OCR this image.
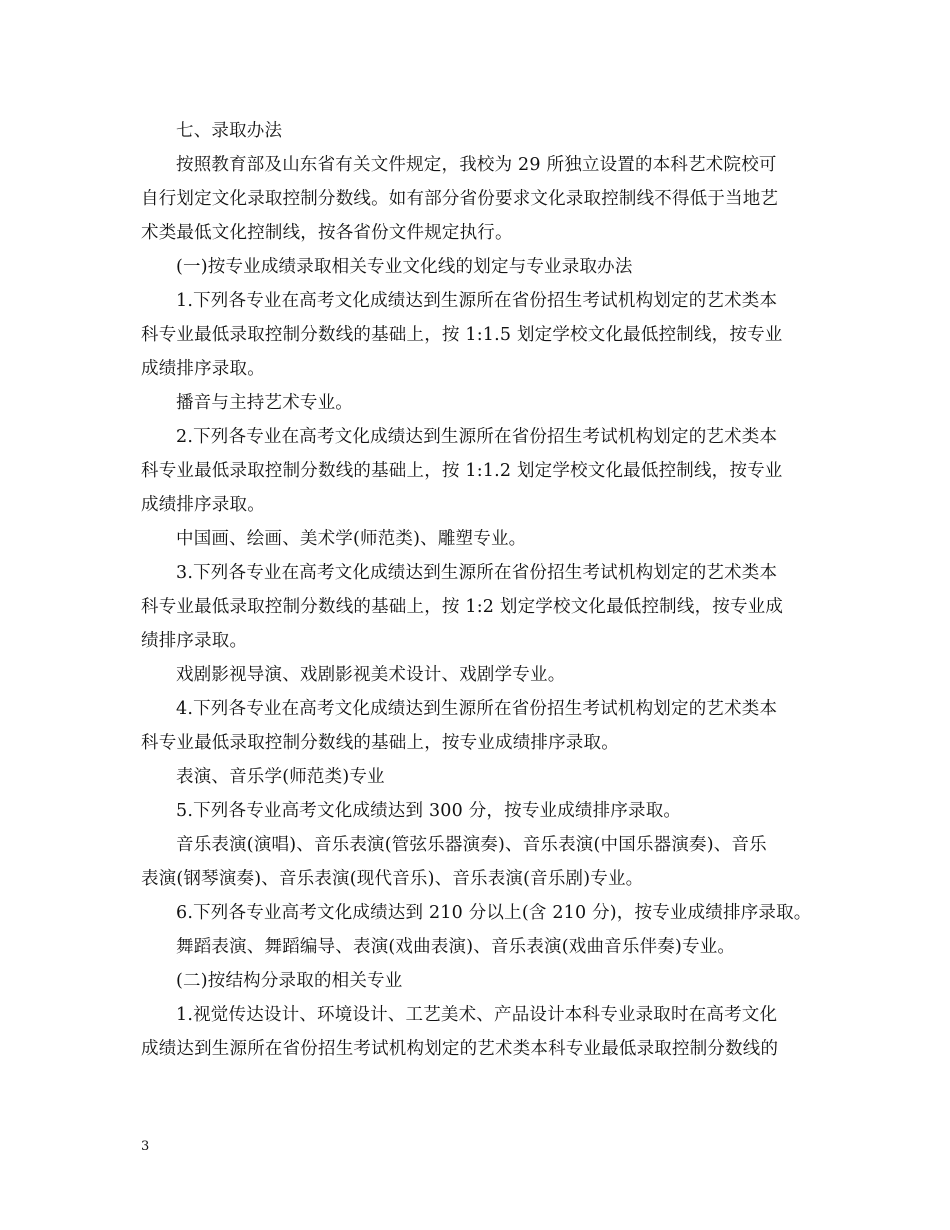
七、录取办法
按照教育部及山东省有关文件规定，我校为 29 所独立设置的本科艺术院校可
自行划定文化录取控制分数线。如有部分省份要求文化录取控制线不得低于当地艺
术类最低文化控制线，按各省份文件规定执行。
(一)按专业成绩录取相关专业文化线的划定与专业录取办法
1.下列各专业在高考文化成绩达到生源所在省份招生考试机构划定的艺术类本
科专业最低录取控制分数线的基础上，按 1:1.5 划定学校文化最低控制线，按专业
成绩排序录取。
播音与主持艺术专业。
2.下列各专业在高考文化成绩达到生源所在省份招生考试机构划定的艺术类本
科专业最低录取控制分数线的基础上，按 1:1.2 划定学校文化最低控制线，按专业
成绩排序录取。
中国画、绘画、美术学(师范类)、雕塑专业。
3.下列各专业在高考文化成绩达到生源所在省份招生考试机构划定的艺术类本
科专业最低录取控制分数线的基础上，按 1:2 划定学校文化最低控制线，按专业成
绩排序录取。
戏剧影视导演、戏剧影视美术设计、戏剧学专业。
4.下列各专业在高考文化成绩达到生源所在省份招生考试机构划定的艺术类本
科专业最低录取控制分数线的基础上，按专业成绩排序录取。
表演、音乐学(师范类)专业
5.下列各专业高考文化成绩达到 300 分，按专业成绩排序录取。
音乐表演(演唱)、音乐表演(管弦乐器演奏)、音乐表演(中国乐器演奏)、音乐
表演(钢琴演奏)、音乐表演(现代音乐)、音乐表演(音乐剧)专业。
6.下列各专业高考文化成绩达到 210 分以上(含 210 分)，按专业成绩排序录取。
舞蹈表演、舞蹈编导、表演(戏曲表演)、音乐表演(戏曲音乐伴奏)专业。
(二)按结构分录取的相关专业
1.视觉传达设计、环境设计、工艺美术、产品设计本科专业录取时在高考文化
成绩达到生源所在省份招生考试机构划定的艺术类本科专业最低录取控制分数线的
3
